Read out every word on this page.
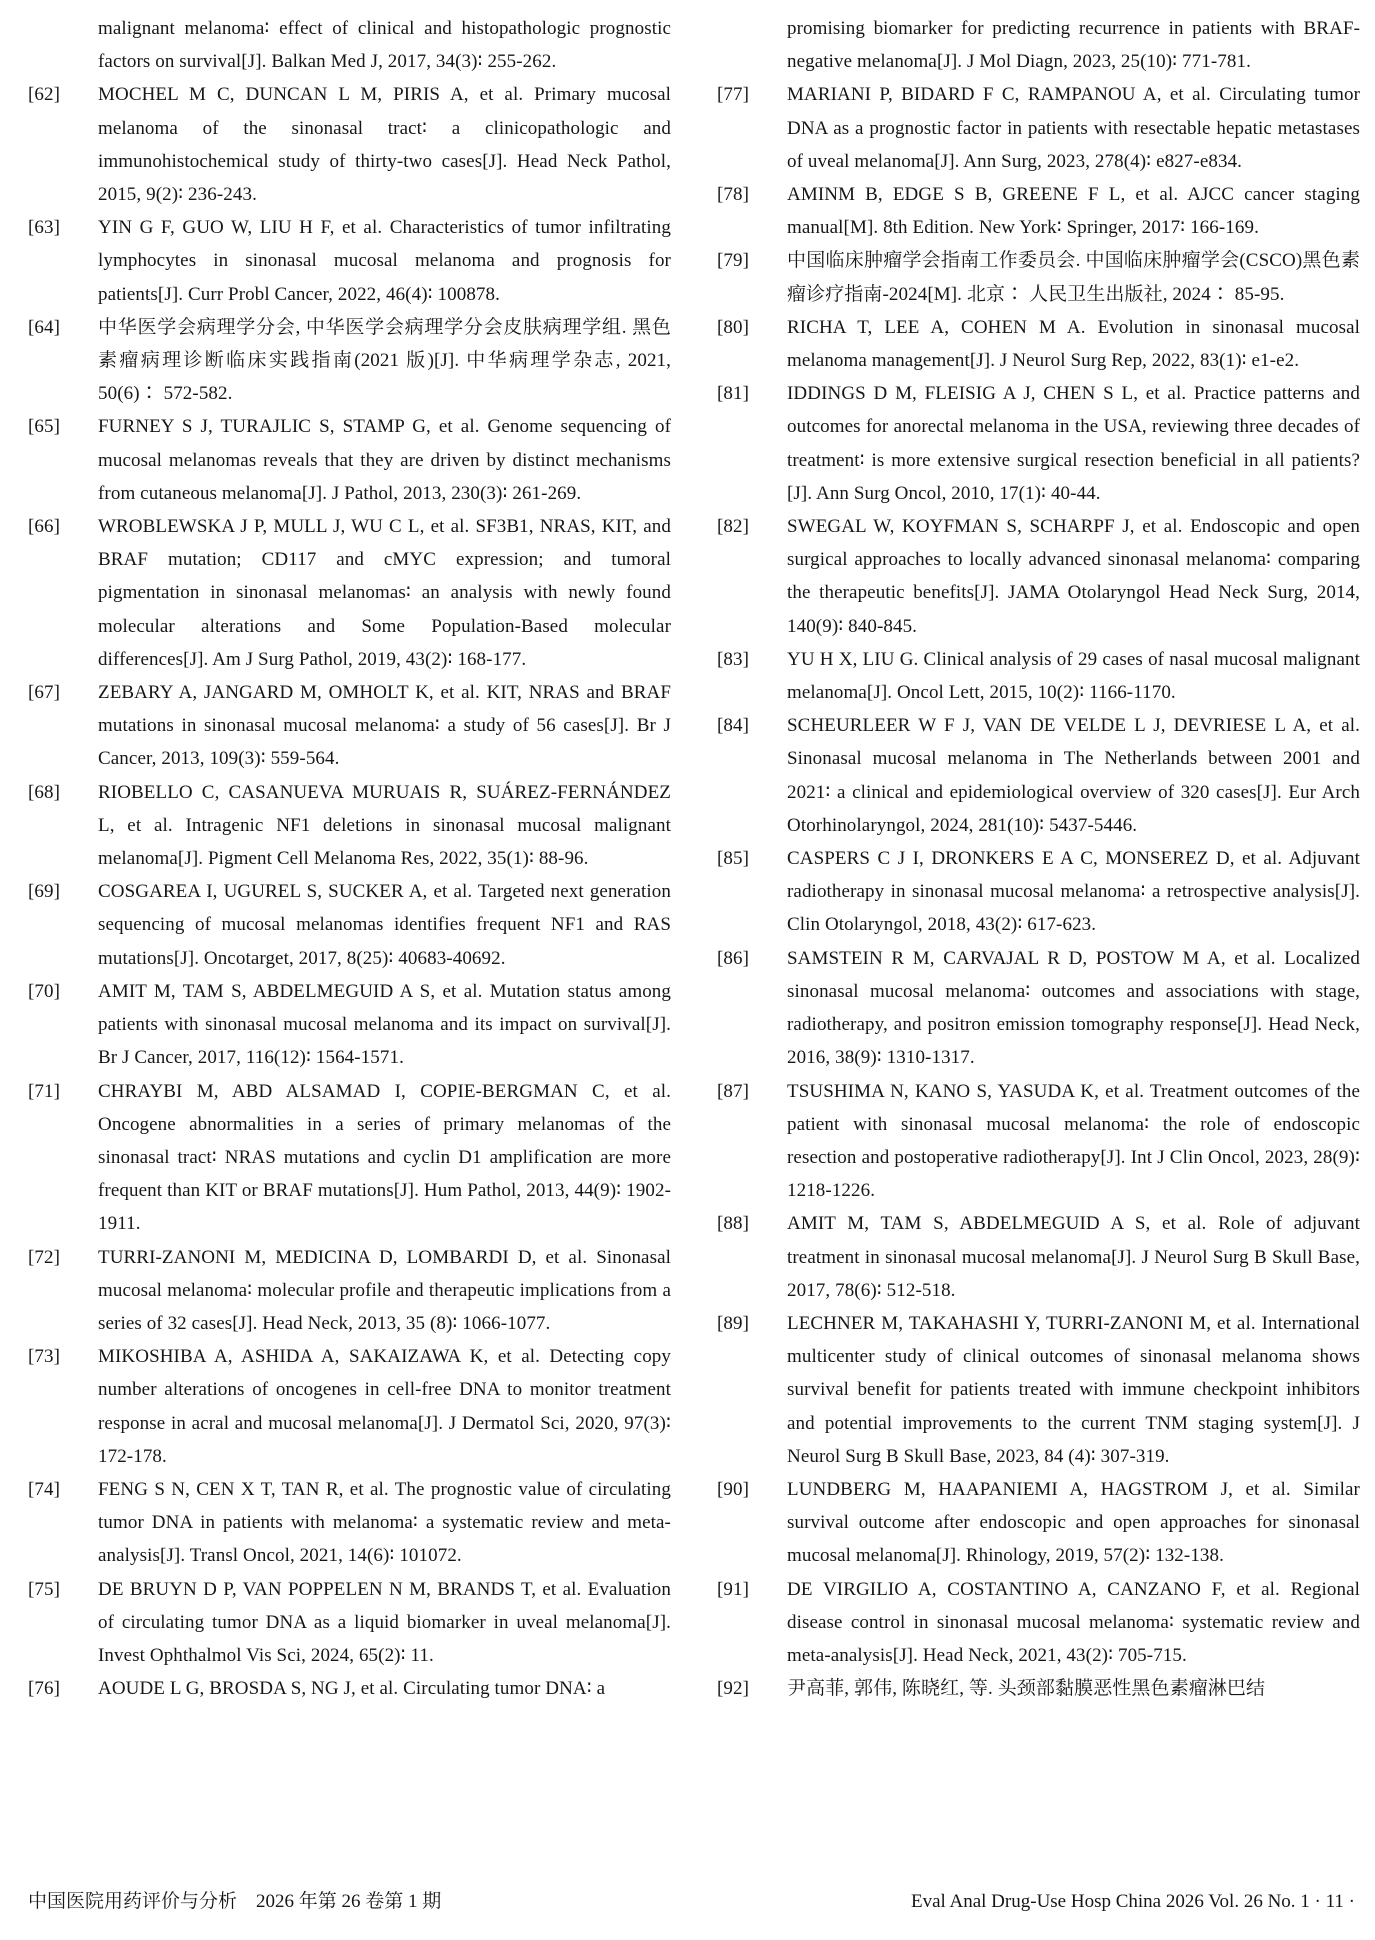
malignant melanoma∶ effect of clinical and histopathologic prognostic factors on survival[J]. Balkan Med J, 2017, 34(3)∶ 255-262.
[62] MOCHEL M C, DUNCAN L M, PIRIS A, et al. Primary mucosal melanoma of the sinonasal tract∶ a clinicopathologic and immunohistochemical study of thirty-two cases[J]. Head Neck Pathol, 2015, 9(2)∶ 236-243.
[63] YIN G F, GUO W, LIU H F, et al. Characteristics of tumor infiltrating lymphocytes in sinonasal mucosal melanoma and prognosis for patients[J]. Curr Probl Cancer, 2022, 46(4)∶ 100878.
[64] 中华医学会病理学分会, 中华医学会病理学分会皮肤病理学组. 黑色素瘤病理诊断临床实践指南(2021 版)[J]. 中华病理学杂志, 2021, 50(6)∶ 572-582.
[65] FURNEY S J, TURAJLIC S, STAMP G, et al. Genome sequencing of mucosal melanomas reveals that they are driven by distinct mechanisms from cutaneous melanoma[J]. J Pathol, 2013, 230(3)∶ 261-269.
[66] WROBLEWSKA J P, MULL J, WU C L, et al. SF3B1, NRAS, KIT, and BRAF mutation; CD117 and cMYC expression; and tumoral pigmentation in sinonasal melanomas∶ an analysis with newly found molecular alterations and Some Population-Based molecular differences[J]. Am J Surg Pathol, 2019, 43(2)∶ 168-177.
[67] ZEBARY A, JANGARD M, OMHOLT K, et al. KIT, NRAS and BRAF mutations in sinonasal mucosal melanoma∶ a study of 56 cases[J]. Br J Cancer, 2013, 109(3)∶ 559-564.
[68] RIOBELLO C, CASANUEVA MURUAIS R, SUÁREZ-FERNÁNDEZ L, et al. Intragenic NF1 deletions in sinonasal mucosal malignant melanoma[J]. Pigment Cell Melanoma Res, 2022, 35(1)∶ 88-96.
[69] COSGAREA I, UGUREL S, SUCKER A, et al. Targeted next generation sequencing of mucosal melanomas identifies frequent NF1 and RAS mutations[J]. Oncotarget, 2017, 8(25)∶ 40683-40692.
[70] AMIT M, TAM S, ABDELMEGUID A S, et al. Mutation status among patients with sinonasal mucosal melanoma and its impact on survival[J]. Br J Cancer, 2017, 116(12)∶ 1564-1571.
[71] CHRAYBI M, ABD ALSAMAD I, COPIE-BERGMAN C, et al. Oncogene abnormalities in a series of primary melanomas of the sinonasal tract∶ NRAS mutations and cyclin D1 amplification are more frequent than KIT or BRAF mutations[J]. Hum Pathol, 2013, 44(9)∶ 1902-1911.
[72] TURRI-ZANONI M, MEDICINA D, LOMBARDI D, et al. Sinonasal mucosal melanoma∶ molecular profile and therapeutic implications from a series of 32 cases[J]. Head Neck, 2013, 35 (8)∶ 1066-1077.
[73] MIKOSHIBA A, ASHIDA A, SAKAIZAWA K, et al. Detecting copy number alterations of oncogenes in cell-free DNA to monitor treatment response in acral and mucosal melanoma[J]. J Dermatol Sci, 2020, 97(3)∶ 172-178.
[74] FENG S N, CEN X T, TAN R, et al. The prognostic value of circulating tumor DNA in patients with melanoma∶ a systematic review and meta-analysis[J]. Transl Oncol, 2021, 14(6)∶ 101072.
[75] DE BRUYN D P, VAN POPPELEN N M, BRANDS T, et al. Evaluation of circulating tumor DNA as a liquid biomarker in uveal melanoma[J]. Invest Ophthalmol Vis Sci, 2024, 65(2)∶ 11.
[76] AOUDE L G, BROSDA S, NG J, et al. Circulating tumor DNA∶ a
promising biomarker for predicting recurrence in patients with BRAF-negative melanoma[J]. J Mol Diagn, 2023, 25(10)∶ 771-781.
[77] MARIANI P, BIDARD F C, RAMPANOU A, et al. Circulating tumor DNA as a prognostic factor in patients with resectable hepatic metastases of uveal melanoma[J]. Ann Surg, 2023, 278(4)∶ e827-e834.
[78] AMINM B, EDGE S B, GREENE F L, et al. AJCC cancer staging manual[M]. 8th Edition. New York∶ Springer, 2017∶ 166-169.
[79] 中国临床肿瘤学会指南工作委员会. 中国临床肿瘤学会(CSCO)黑色素瘤诊疗指南-2024[M]. 北京∶ 人民卫生出版社, 2024∶ 85-95.
[80] RICHA T, LEE A, COHEN M A. Evolution in sinonasal mucosal melanoma management[J]. J Neurol Surg Rep, 2022, 83(1)∶ e1-e2.
[81] IDDINGS D M, FLEISIG A J, CHEN S L, et al. Practice patterns and outcomes for anorectal melanoma in the USA, reviewing three decades of treatment∶ is more extensive surgical resection beneficial in all patients? [J]. Ann Surg Oncol, 2010, 17(1)∶ 40-44.
[82] SWEGAL W, KOYFMAN S, SCHARPF J, et al. Endoscopic and open surgical approaches to locally advanced sinonasal melanoma∶ comparing the therapeutic benefits[J]. JAMA Otolaryngol Head Neck Surg, 2014, 140(9)∶ 840-845.
[83] YU H X, LIU G. Clinical analysis of 29 cases of nasal mucosal malignant melanoma[J]. Oncol Lett, 2015, 10(2)∶ 1166-1170.
[84] SCHEURLEER W F J, VAN DE VELDE L J, DEVRIESE L A, et al. Sinonasal mucosal melanoma in The Netherlands between 2001 and 2021∶ a clinical and epidemiological overview of 320 cases[J]. Eur Arch Otorhinolaryngol, 2024, 281(10)∶ 5437-5446.
[85] CASPERS C J I, DRONKERS E A C, MONSEREZ D, et al. Adjuvant radiotherapy in sinonasal mucosal melanoma∶ a retrospective analysis[J]. Clin Otolaryngol, 2018, 43(2)∶ 617-623.
[86] SAMSTEIN R M, CARVAJAL R D, POSTOW M A, et al. Localized sinonasal mucosal melanoma∶ outcomes and associations with stage, radiotherapy, and positron emission tomography response[J]. Head Neck, 2016, 38(9)∶ 1310-1317.
[87] TSUSHIMA N, KANO S, YASUDA K, et al. Treatment outcomes of the patient with sinonasal mucosal melanoma∶ the role of endoscopic resection and postoperative radiotherapy[J]. Int J Clin Oncol, 2023, 28(9)∶ 1218-1226.
[88] AMIT M, TAM S, ABDELMEGUID A S, et al. Role of adjuvant treatment in sinonasal mucosal melanoma[J]. J Neurol Surg B Skull Base, 2017, 78(6)∶ 512-518.
[89] LECHNER M, TAKAHASHI Y, TURRI-ZANONI M, et al. International multicenter study of clinical outcomes of sinonasal melanoma shows survival benefit for patients treated with immune checkpoint inhibitors and potential improvements to the current TNM staging system[J]. J Neurol Surg B Skull Base, 2023, 84 (4)∶ 307-319.
[90] LUNDBERG M, HAAPANIEMI A, HAGSTROM J, et al. Similar survival outcome after endoscopic and open approaches for sinonasal mucosal melanoma[J]. Rhinology, 2019, 57(2)∶ 132-138.
[91] DE VIRGILIO A, COSTANTINO A, CANZANO F, et al. Regional disease control in sinonasal mucosal melanoma∶ systematic review and meta-analysis[J]. Head Neck, 2021, 43(2)∶ 705-715.
[92] 尹高菲, 郭伟, 陈晓红, 等. 头颈部黏膜恶性黑色素瘤淋巴结
中国医院用药评价与分析　2026 年第 26 卷第 1 期	Eval Anal Drug-Use Hosp China 2026 Vol. 26 No. 1 · 11 ·
